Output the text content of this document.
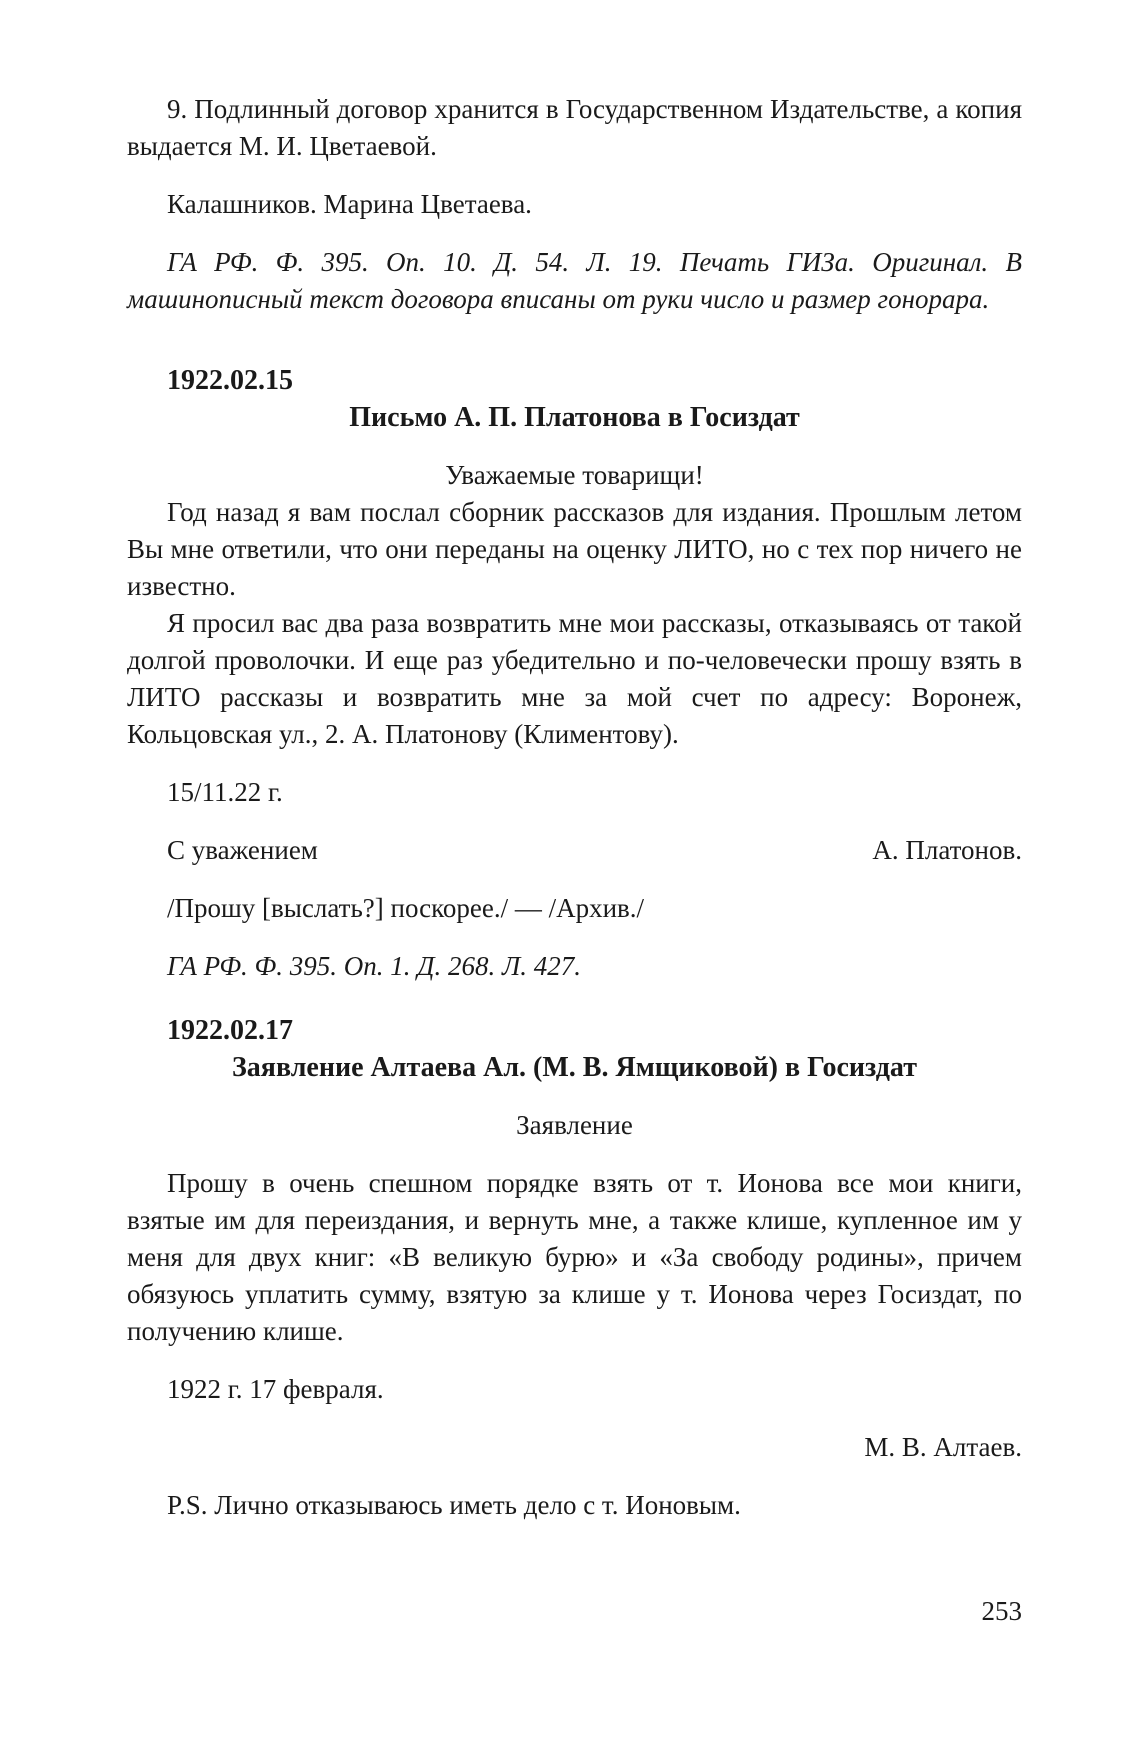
9. Подлинный договор хранится в Государственном Издательстве, а копия выдается М. И. Цветаевой.

Калашников. Марина Цветаева.

ГА РФ. Ф. 395. Оп. 10. Д. 54. Л. 19. Печать ГИЗа. Оригинал. В машинописный текст договора вписаны от руки число и размер гонорара.

1922.02.15
Письмо А. П. Платонова в Госиздат

Уважаемые товарищи!

Год назад я вам послал сборник рассказов для издания. Прошлым летом Вы мне ответили, что они переданы на оценку ЛИТО, но с тех пор ничего не известно.

Я просил вас два раза возвратить мне мои рассказы, отказываясь от такой долгой проволочки. И еще раз убедительно и по-человечески прошу взять в ЛИТО рассказы и возвратить мне за мой счет по адресу: Воронеж, Кольцовская ул., 2. А. Платонову (Климентову).

15/11.22 г.

С уважением	А. Платонов.

/Прошу [выслать?] поскорее./ — /Архив./

ГА РФ. Ф. 395. Оп. 1. Д. 268. Л. 427.

1922.02.17
Заявление Алтаева Ал. (М. В. Ямщиковой) в Госиздат

Заявление

Прошу в очень спешном порядке взять от т. Ионова все мои книги, взятые им для переиздания, и вернуть мне, а также клише, купленное им у меня для двух книг: «В великую бурю» и «За свободу родины», причем обязуюсь уплатить сумму, взятую за клише у т. Ионова через Госиздат, по получению клише.

1922 г. 17 февраля.

М. В. Алтаев.

P.S. Лично отказываюсь иметь дело с т. Ионовым.

253
